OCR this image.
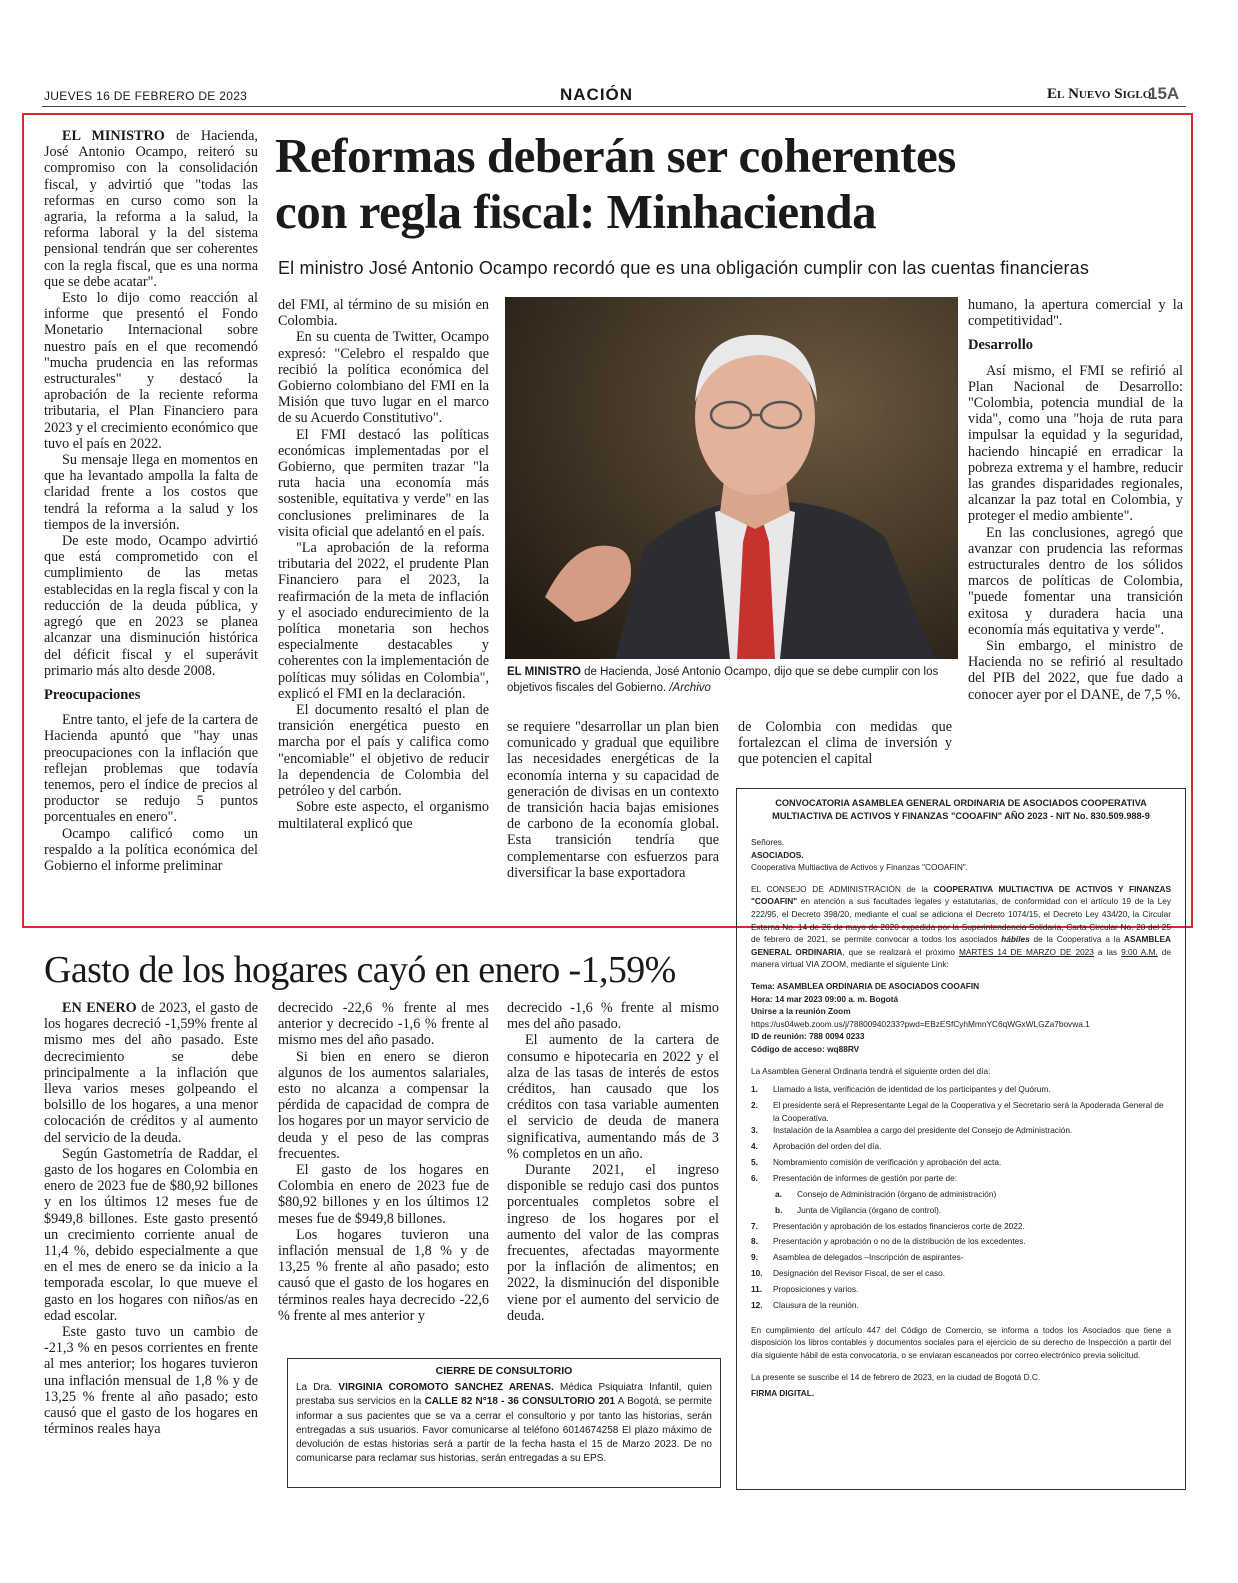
JUEVES 16 DE FEBRERO DE 2023	NACIÓN	El Nuevo Siglo
15A
Reformas deberán ser coherentes
con regla fiscal: Minhacienda
El ministro José Antonio Ocampo recordó que es una obligación cumplir con las cuentas financieras

EL MINISTRO de Hacienda, José Antonio Ocampo, reiteró su compromiso con la consolidación fiscal, y advirtió que "todas las reformas en curso como son la agraria, la reforma a la salud, la reforma laboral y la del sistema pensional tendrán que ser coherentes con la regla fiscal, que es una norma que se debe acatar".

Esto lo dijo como reacción al informe que presentó el Fondo Monetario Internacional sobre nuestro país en el que recomendó "mucha prudencia en las reformas estructurales" y destacó la aprobación de la reciente reforma tributaria, el Plan Financiero para 2023 y el crecimiento económico que tuvo el país en 2022.

Su mensaje llega en momentos en que ha levantado ampolla la falta de claridad frente a los costos que tendrá la reforma a la salud y los tiempos de la inversión.

De este modo, Ocampo advirtió que está comprometido con el cumplimiento de las metas establecidas en la regla fiscal y con la reducción de la deuda pública, y agregó que en 2023 se planea alcanzar una disminución histórica del déficit fiscal y el superávit primario más alto desde 2008.

Preocupaciones

Entre tanto, el jefe de la cartera de Hacienda apuntó que "hay unas preocupaciones con la inflación que reflejan problemas que todavía tenemos, pero el índice de precios al productor se redujo 5 puntos porcentuales en enero".

Ocampo calificó como un respaldo a la política económica del Gobierno el informe preliminar

del FMI, al término de su misión en Colombia.

En su cuenta de Twitter, Ocampo expresó: "Celebro el respaldo que recibió la política económica del Gobierno colombiano del FMI en la Misión que tuvo lugar en el marco de su Acuerdo Constitutivo".

El FMI destacó las políticas económicas implementadas por el Gobierno, que permiten trazar "la ruta hacia una economía más sostenible, equitativa y verde" en las conclusiones preliminares de la visita oficial que adelantó en el país.

"La aprobación de la reforma tributaria del 2022, el prudente Plan Financiero para el 2023, la reafirmación de la meta de inflación y el asociado endurecimiento de la política monetaria son hechos especialmente destacables y coherentes con la implementación de políticas muy sólidas en Colombia", explicó el FMI en la declaración.

El documento resaltó el plan de transición energética puesto en marcha por el país y califica como "encomiable" el objetivo de reducir la dependencia de Colombia del petróleo y del carbón.

Sobre este aspecto, el organismo multilateral explicó que

EL MINISTRO de Hacienda, José Antonio Ocampo, dijo que se debe cumplir con los objetivos fiscales del Gobierno. /Archivo

se requiere "desarrollar un plan bien comunicado y gradual que equilibre las necesidades energéticas de la economía interna y su capacidad de generación de divisas en un contexto de transición hacia bajas emisiones de carbono de la economía global. Esta transición tendría que complementarse con esfuerzos para diversificar la base exportadora

de Colombia con medidas que fortalezcan el clima de inversión y que potencien el capital

humano, la apertura comercial y la competitividad".

Desarrollo

Así mismo, el FMI se refirió al Plan Nacional de Desarrollo: "Colombia, potencia mundial de la vida", como una "hoja de ruta para impulsar la equidad y la seguridad, haciendo hincapié en erradicar la pobreza extrema y el hambre, reducir las grandes disparidades regionales, alcanzar la paz total en Colombia, y proteger el medio ambiente".

En las conclusiones, agregó que avanzar con prudencia las reformas estructurales dentro de los sólidos marcos de políticas de Colombia, "puede fomentar una transición exitosa y duradera hacia una economía más equitativa y verde".

Sin embargo, el ministro de Hacienda no se refirió al resultado del PIB del 2022, que fue dado a conocer ayer por el DANE, de 7,5 %.

Gasto de los hogares cayó en enero -1,59%

EN ENERO de 2023, el gasto de los hogares decreció -1,59% frente al mismo mes del año pasado. Este decrecimiento se debe principalmente a la inflación que lleva varios meses golpeando el bolsillo de los hogares, a una menor colocación de créditos y al aumento del servicio de la deuda.

Según Gastometría de Raddar, el gasto de los hogares en Colombia en enero de 2023 fue de $80,92 billones y en los últimos 12 meses fue de $949,8 billones. Este gasto presentó un crecimiento corriente anual de 11,4 %, debido especialmente a que en el mes de enero se da inicio a la temporada escolar, lo que mueve el gasto en los hogares con niños/as en edad escolar.

Este gasto tuvo un cambio de -21,3 % en pesos corrientes en frente al mes anterior; los hogares tuvieron una inflación mensual de 1,8 % y de 13,25 % frente al año pasado; esto causó que el gasto de los hogares en términos reales haya

decrecido -22,6 % frente al mes anterior y decrecido -1,6 % frente al mismo mes del año pasado.

Si bien en enero se dieron algunos de los aumentos salariales, esto no alcanza a compensar la pérdida de capacidad de compra de los hogares por un mayor servicio de deuda y el peso de las compras frecuentes.

El gasto de los hogares en Colombia en enero de 2023 fue de $80,92 billones y en los últimos 12 meses fue de $949,8 billones.

Los hogares tuvieron una inflación mensual de 1,8 % y de 13,25 % frente al año pasado; esto causó que el gasto de los hogares en términos reales haya decrecido -22,6 % frente al mes anterior y

decrecido -1,6 % frente al mismo mes del año pasado.

El aumento de la cartera de consumo e hipotecaria en 2022 y el alza de las tasas de interés de estos créditos, han causado que los créditos con tasa variable aumenten el servicio de deuda de manera significativa, aumentando más de 3 % completos en un año.

Durante 2021, el ingreso disponible se redujo casi dos puntos porcentuales completos sobre el ingreso de los hogares por el aumento del valor de las compras frecuentes, afectadas mayormente por la inflación de alimentos; en 2022, la disminución del disponible viene por el aumento del servicio de deuda.

CIERRE DE CONSULTORIO
La Dra. VIRGINIA COROMOTO SANCHEZ ARENAS. Médica Psiquiatra Infantil, quien prestaba sus servicios en la CALLE 82 N°18 - 36 CONSULTORIO 201 A Bogotá, se permite informar a sus pacientes que se va a cerrar el consultorio y por tanto las historias, serán entregadas a sus usuarios. Favor comunicarse al teléfono 6014674258 El plazo máximo de devolución de estas historias será a partir de la fecha hasta el 15 de Marzo 2023. De no comunicarse para reclamar sus historias, serán entregadas a su EPS.
CONVOCATORIA ASAMBLEA GENERAL ORDINARIA DE ASOCIADOS COOPERATIVA MULTIACTIVA DE ACTIVOS Y FINANZAS "COOAFIN" AÑO 2023 - NIT No. 830.509.988-9

Señores.

ASOCIADOS.

Cooperativa Multiactiva de Activos y Finanzas "COOAFIN".

EL CONSEJO DE ADMINISTRACIÓN de la COOPERATIVA MULTIACTIVA DE ACTIVOS Y FINANZAS "COOAFIN" en atención a sus facultades legales y estatutarias, de conformidad con el artículo 19 de la Ley 222/95, el Decreto 398/20, mediante el cual se adiciona el Decreto 1074/15, el Decreto Ley 434/20, la Circular Externa No. 14 de 26 de mayo de 2020 expedida por la Superintendencia Solidaria, Carta Circular No. 20 del 25 de febrero de 2021, se permite convocar a todos los asociados hábiles de la Cooperativa a la ASAMBLEA GENERAL ORDINARIA, que se realizará el próximo MARTES 14 DE MARZO DE 2023 a las 9:00 A.M. de manera virtual VIA ZOOM, mediante el siguiente Link:

Tema: ASAMBLEA ORDINARIA DE ASOCIADOS COOAFIN

Hora: 14 mar 2023 09:00 a. m. Bogotá

Unirse a la reunión Zoom

https://us04web.zoom.us/j/78800940233?pwd=EBzESfCyhMmnYC6qWGxWLGZa7bovwa.1

ID de reunión: 788 0094 0233

Código de acceso: wq88RV

La Asamblea General Ordinaria tendrá el siguiente orden del día:

1.	Llamado a lista, verificación de identidad de los participantes y del Quórum.
2.	El presidente será el Representante Legal de la Cooperativa y el Secretario será la Apoderada General de la Cooperativa.
3.	Instalación de la Asamblea a cargo del presidente del Consejo de Administración.
4.	Aprobación del orden del día.
5.	Nombramiento comisión de verificación y aprobación del acta.
6.	Presentación de informes de gestión por parte de:
a.	Consejo de Administración (órgano de administración)
b.	Junta de Vigilancia (órgano de control).
7.	Presentación y aprobación de los estados financieros corte de 2022.
8.	Presentación y aprobación o no de la distribución de los excedentes.
9.	Asamblea de delegados –Inscripción de aspirantes-
10.	Designación del Revisor Fiscal, de ser el caso.
11.	Proposiciones y varios.
12.	Clausura de la reunión.

En cumplimiento del artículo 447 del Código de Comercio, se informa a todos los Asociados que tiene a disposición los libros contables y documentos sociales para el ejercicio de su derecho de Inspección a partir del día siguiente hábil de esta convocatoria, o se enviaran escaneados por correo electrónico previa solicitud.

La presente se suscribe el 14 de febrero de 2023, en la ciudad de Bogotá D.C.

FIRMA DIGITAL.
